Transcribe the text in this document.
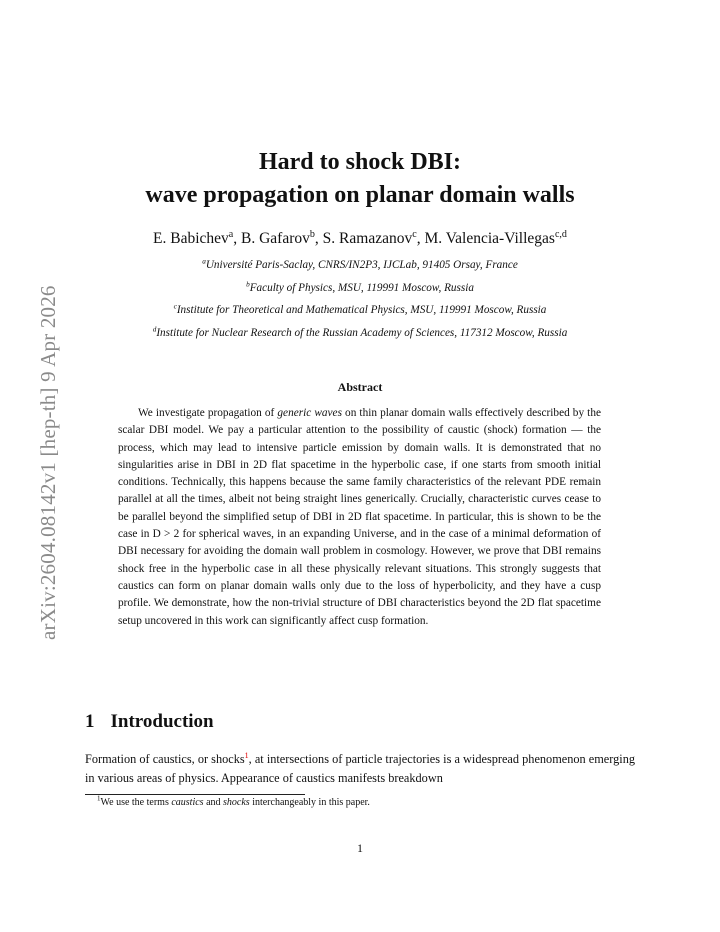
arXiv:2604.08142v1 [hep-th] 9 Apr 2026
Hard to shock DBI:
wave propagation on planar domain walls
E. Babichev$^a$, B. Gafarov$^b$, S. Ramazanov$^c$, M. Valencia-Villegas$^{c,d}$
$^a$Université Paris-Saclay, CNRS/IN2P3, IJCLab, 91405 Orsay, France
$^b$Faculty of Physics, MSU, 119991 Moscow, Russia
$^c$Institute for Theoretical and Mathematical Physics, MSU, 119991 Moscow, Russia
$^d$Institute for Nuclear Research of the Russian Academy of Sciences, 117312 Moscow, Russia
Abstract

We investigate propagation of generic waves on thin planar domain walls effectively described by the scalar DBI model. We pay a particular attention to the possibility of caustic (shock) formation — the process, which may lead to intensive particle emission by domain walls. It is demonstrated that no singularities arise in DBI in 2D flat spacetime in the hyperbolic case, if one starts from smooth initial conditions. Technically, this happens because the same family characteristics of the relevant PDE remain parallel at all the times, albeit not being straight lines generically. Crucially, characteristic curves cease to be parallel beyond the simplified setup of DBI in 2D flat spacetime. In particular, this is shown to be the case in D > 2 for spherical waves, in an expanding Universe, and in the case of a minimal deformation of DBI necessary for avoiding the domain wall problem in cosmology. However, we prove that DBI remains shock free in the hyperbolic case in all these physically relevant situations. This strongly suggests that caustics can form on planar domain walls only due to the loss of hyperbolicity, and they have a cusp profile. We demonstrate, how the non-trivial structure of DBI characteristics beyond the 2D flat spacetime setup uncovered in this work can significantly affect cusp formation.

1 Introduction

Formation of caustics, or shocks$^1$, at intersections of particle trajectories is a widespread phenomenon emerging in various areas of physics. Appearance of caustics manifests breakdown

$^1$We use the terms caustics and shocks interchangeably in this paper.
1
